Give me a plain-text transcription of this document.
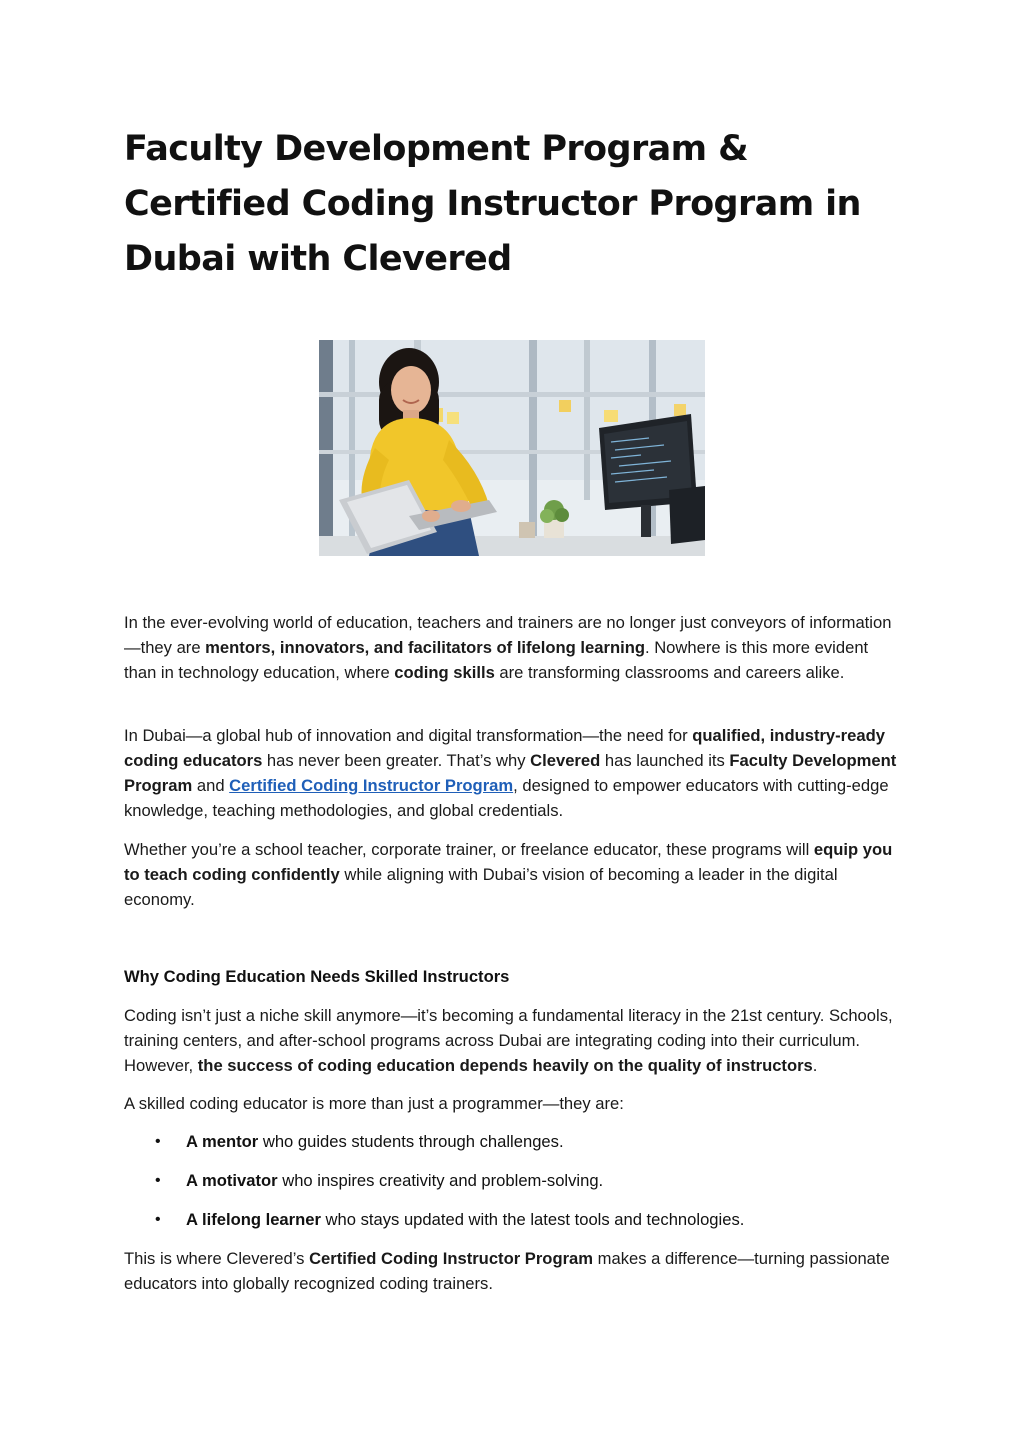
Faculty Development Program & Certified Coding Instructor Program in Dubai with Clevered

In the ever-evolving world of education, teachers and trainers are no longer just conveyors of information—they are mentors, innovators, and facilitators of lifelong learning. Nowhere is this more evident than in technology education, where coding skills are transforming classrooms and careers alike.

In Dubai—a global hub of innovation and digital transformation—the need for qualified, industry-ready coding educators has never been greater. That’s why Clevered has launched its Faculty Development Program and Certified Coding Instructor Program, designed to empower educators with cutting-edge knowledge, teaching methodologies, and global credentials.

Whether you’re a school teacher, corporate trainer, or freelance educator, these programs will equip you to teach coding confidently while aligning with Dubai’s vision of becoming a leader in the digital economy.

Why Coding Education Needs Skilled Instructors

Coding isn’t just a niche skill anymore—it’s becoming a fundamental literacy in the 21st century. Schools, training centers, and after-school programs across Dubai are integrating coding into their curriculum. However, the success of coding education depends heavily on the quality of instructors.

A skilled coding educator is more than just a programmer—they are:

• A mentor who guides students through challenges.
• A motivator who inspires creativity and problem-solving.
• A lifelong learner who stays updated with the latest tools and technologies.

This is where Clevered’s Certified Coding Instructor Program makes a difference—turning passionate educators into globally recognized coding trainers.
